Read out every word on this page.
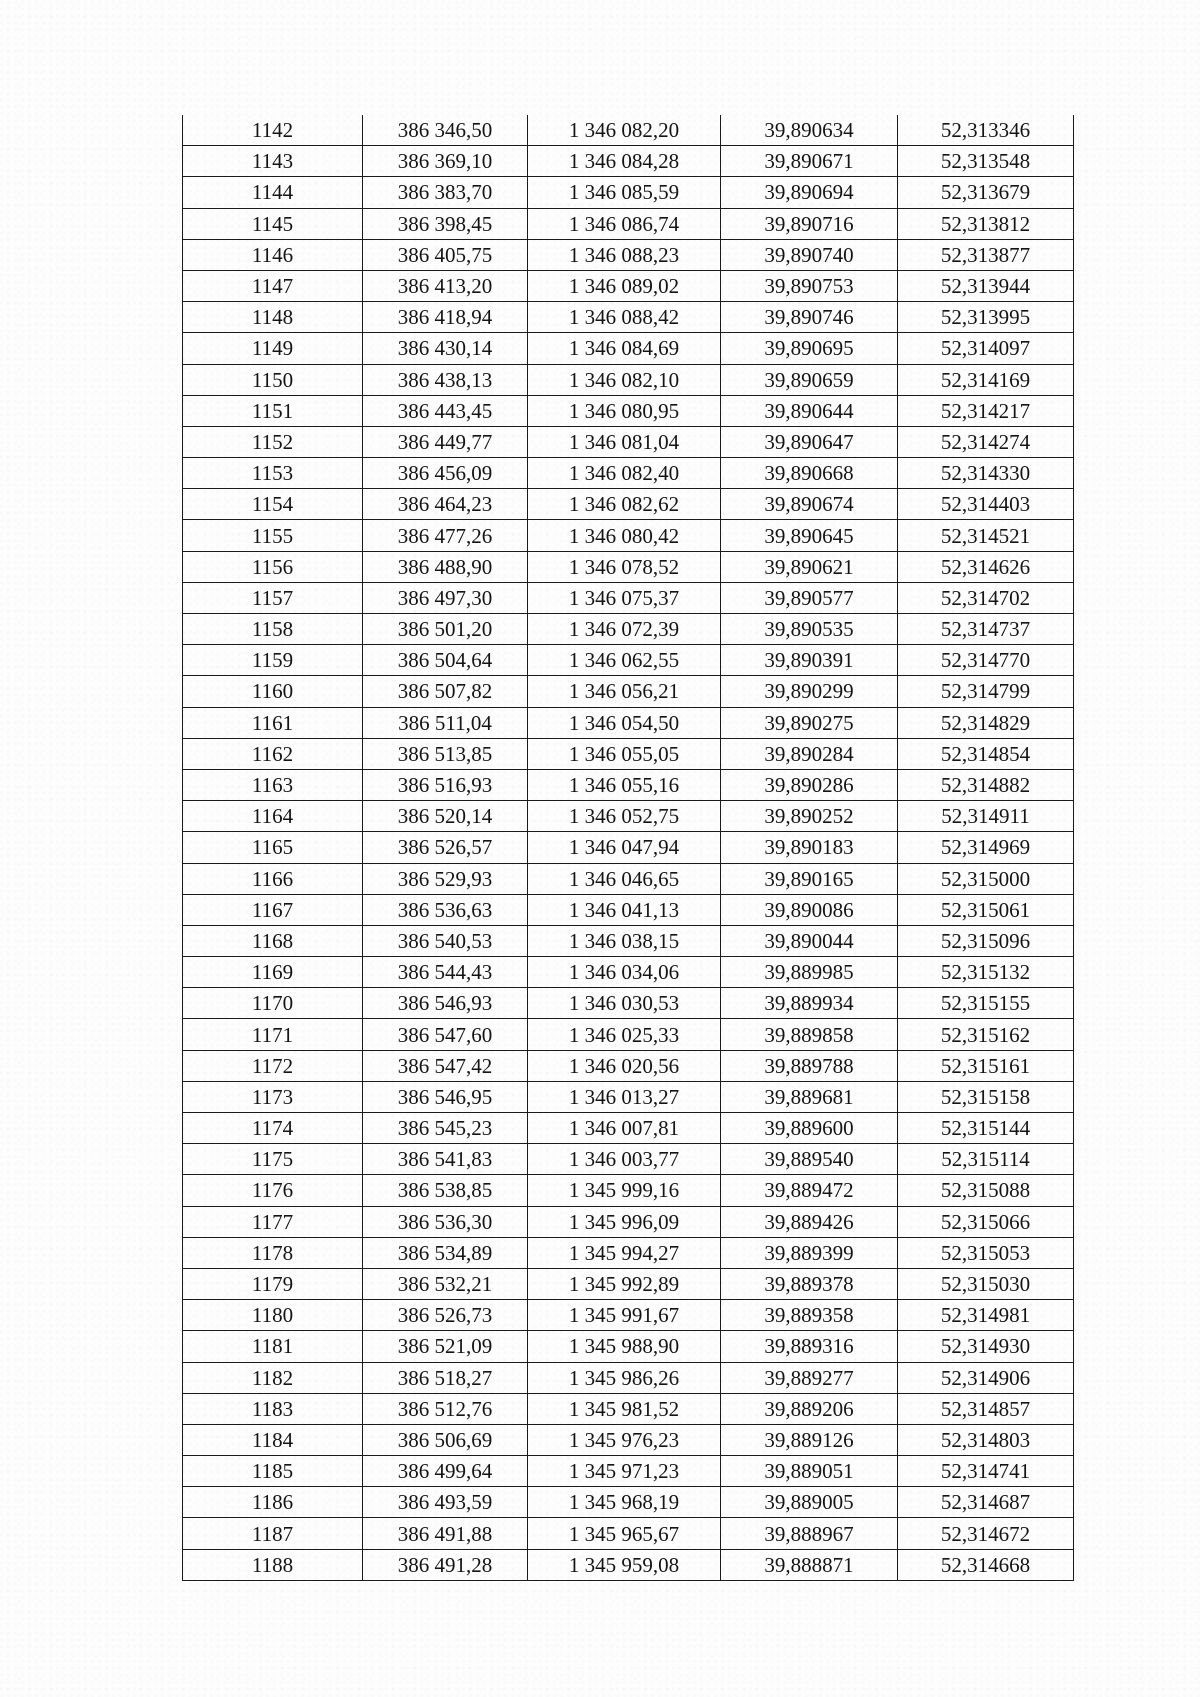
1142	386 346,50	1 346 082,20	39,890634	52,313346
1143	386 369,10	1 346 084,28	39,890671	52,313548
1144	386 383,70	1 346 085,59	39,890694	52,313679
1145	386 398,45	1 346 086,74	39,890716	52,313812
1146	386 405,75	1 346 088,23	39,890740	52,313877
1147	386 413,20	1 346 089,02	39,890753	52,313944
1148	386 418,94	1 346 088,42	39,890746	52,313995
1149	386 430,14	1 346 084,69	39,890695	52,314097
1150	386 438,13	1 346 082,10	39,890659	52,314169
1151	386 443,45	1 346 080,95	39,890644	52,314217
1152	386 449,77	1 346 081,04	39,890647	52,314274
1153	386 456,09	1 346 082,40	39,890668	52,314330
1154	386 464,23	1 346 082,62	39,890674	52,314403
1155	386 477,26	1 346 080,42	39,890645	52,314521
1156	386 488,90	1 346 078,52	39,890621	52,314626
1157	386 497,30	1 346 075,37	39,890577	52,314702
1158	386 501,20	1 346 072,39	39,890535	52,314737
1159	386 504,64	1 346 062,55	39,890391	52,314770
1160	386 507,82	1 346 056,21	39,890299	52,314799
1161	386 511,04	1 346 054,50	39,890275	52,314829
1162	386 513,85	1 346 055,05	39,890284	52,314854
1163	386 516,93	1 346 055,16	39,890286	52,314882
1164	386 520,14	1 346 052,75	39,890252	52,314911
1165	386 526,57	1 346 047,94	39,890183	52,314969
1166	386 529,93	1 346 046,65	39,890165	52,315000
1167	386 536,63	1 346 041,13	39,890086	52,315061
1168	386 540,53	1 346 038,15	39,890044	52,315096
1169	386 544,43	1 346 034,06	39,889985	52,315132
1170	386 546,93	1 346 030,53	39,889934	52,315155
1171	386 547,60	1 346 025,33	39,889858	52,315162
1172	386 547,42	1 346 020,56	39,889788	52,315161
1173	386 546,95	1 346 013,27	39,889681	52,315158
1174	386 545,23	1 346 007,81	39,889600	52,315144
1175	386 541,83	1 346 003,77	39,889540	52,315114
1176	386 538,85	1 345 999,16	39,889472	52,315088
1177	386 536,30	1 345 996,09	39,889426	52,315066
1178	386 534,89	1 345 994,27	39,889399	52,315053
1179	386 532,21	1 345 992,89	39,889378	52,315030
1180	386 526,73	1 345 991,67	39,889358	52,314981
1181	386 521,09	1 345 988,90	39,889316	52,314930
1182	386 518,27	1 345 986,26	39,889277	52,314906
1183	386 512,76	1 345 981,52	39,889206	52,314857
1184	386 506,69	1 345 976,23	39,889126	52,314803
1185	386 499,64	1 345 971,23	39,889051	52,314741
1186	386 493,59	1 345 968,19	39,889005	52,314687
1187	386 491,88	1 345 965,67	39,888967	52,314672
1188	386 491,28	1 345 959,08	39,888871	52,314668
